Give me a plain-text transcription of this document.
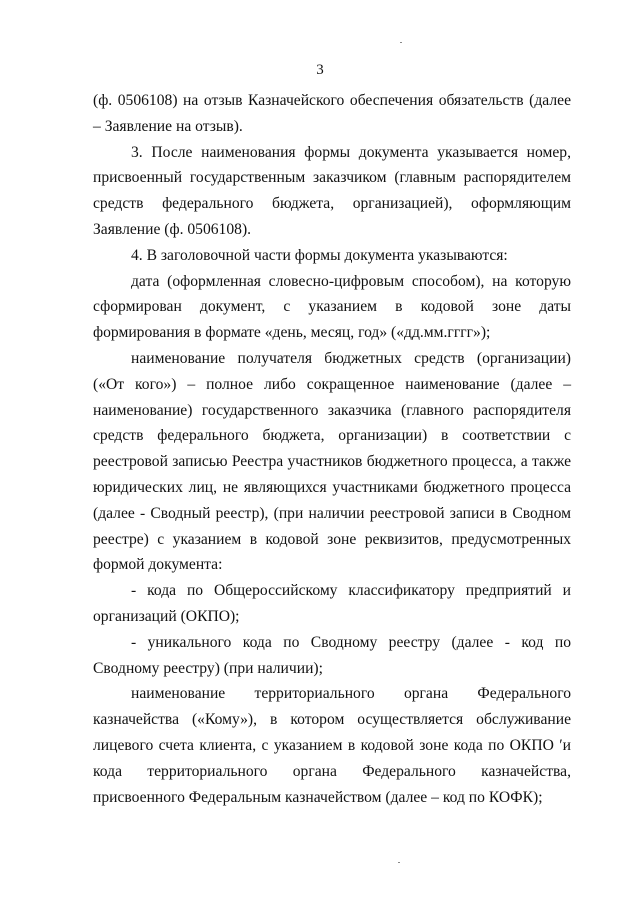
3

(ф. 0506108) на отзыв Казначейского обеспечения обязательств (далее – Заявление на отзыв).

3. После наименования формы документа указывается номер, присвоенный государственным заказчиком (главным распорядителем средств федерального бюджета, организацией), оформляющим Заявление (ф. 0506108).

4. В заголовочной части формы документа указываются:

дата (оформленная словесно-цифровым способом), на которую сформирован документ, с указанием в кодовой зоне даты формирования в формате «день, месяц, год» («дд.мм.гггг»);

наименование получателя бюджетных средств (организации) («От кого») – полное либо сокращенное наименование (далее – наименование) государственного заказчика (главного распорядителя средств федерального бюджета, организации) в соответствии с реестровой записью Реестра участников бюджетного процесса, а также юридических лиц, не являющихся участниками бюджетного процесса (далее - Сводный реестр), (при наличии реестровой записи в Сводном реестре) с указанием в кодовой зоне реквизитов, предусмотренных формой документа:

- кода по Общероссийскому классификатору предприятий и организаций (ОКПО);

- уникального кода по Сводному реестру (далее - код по Сводному реестру) (при наличии);

наименование территориального органа Федерального казначейства («Кому»), в котором осуществляется обслуживание лицевого счета клиента, с указанием в кодовой зоне кода по ОКПО ′и кода территориального органа Федерального казначейства, присвоенного Федеральным казначейством (далее – код по КОФК);
